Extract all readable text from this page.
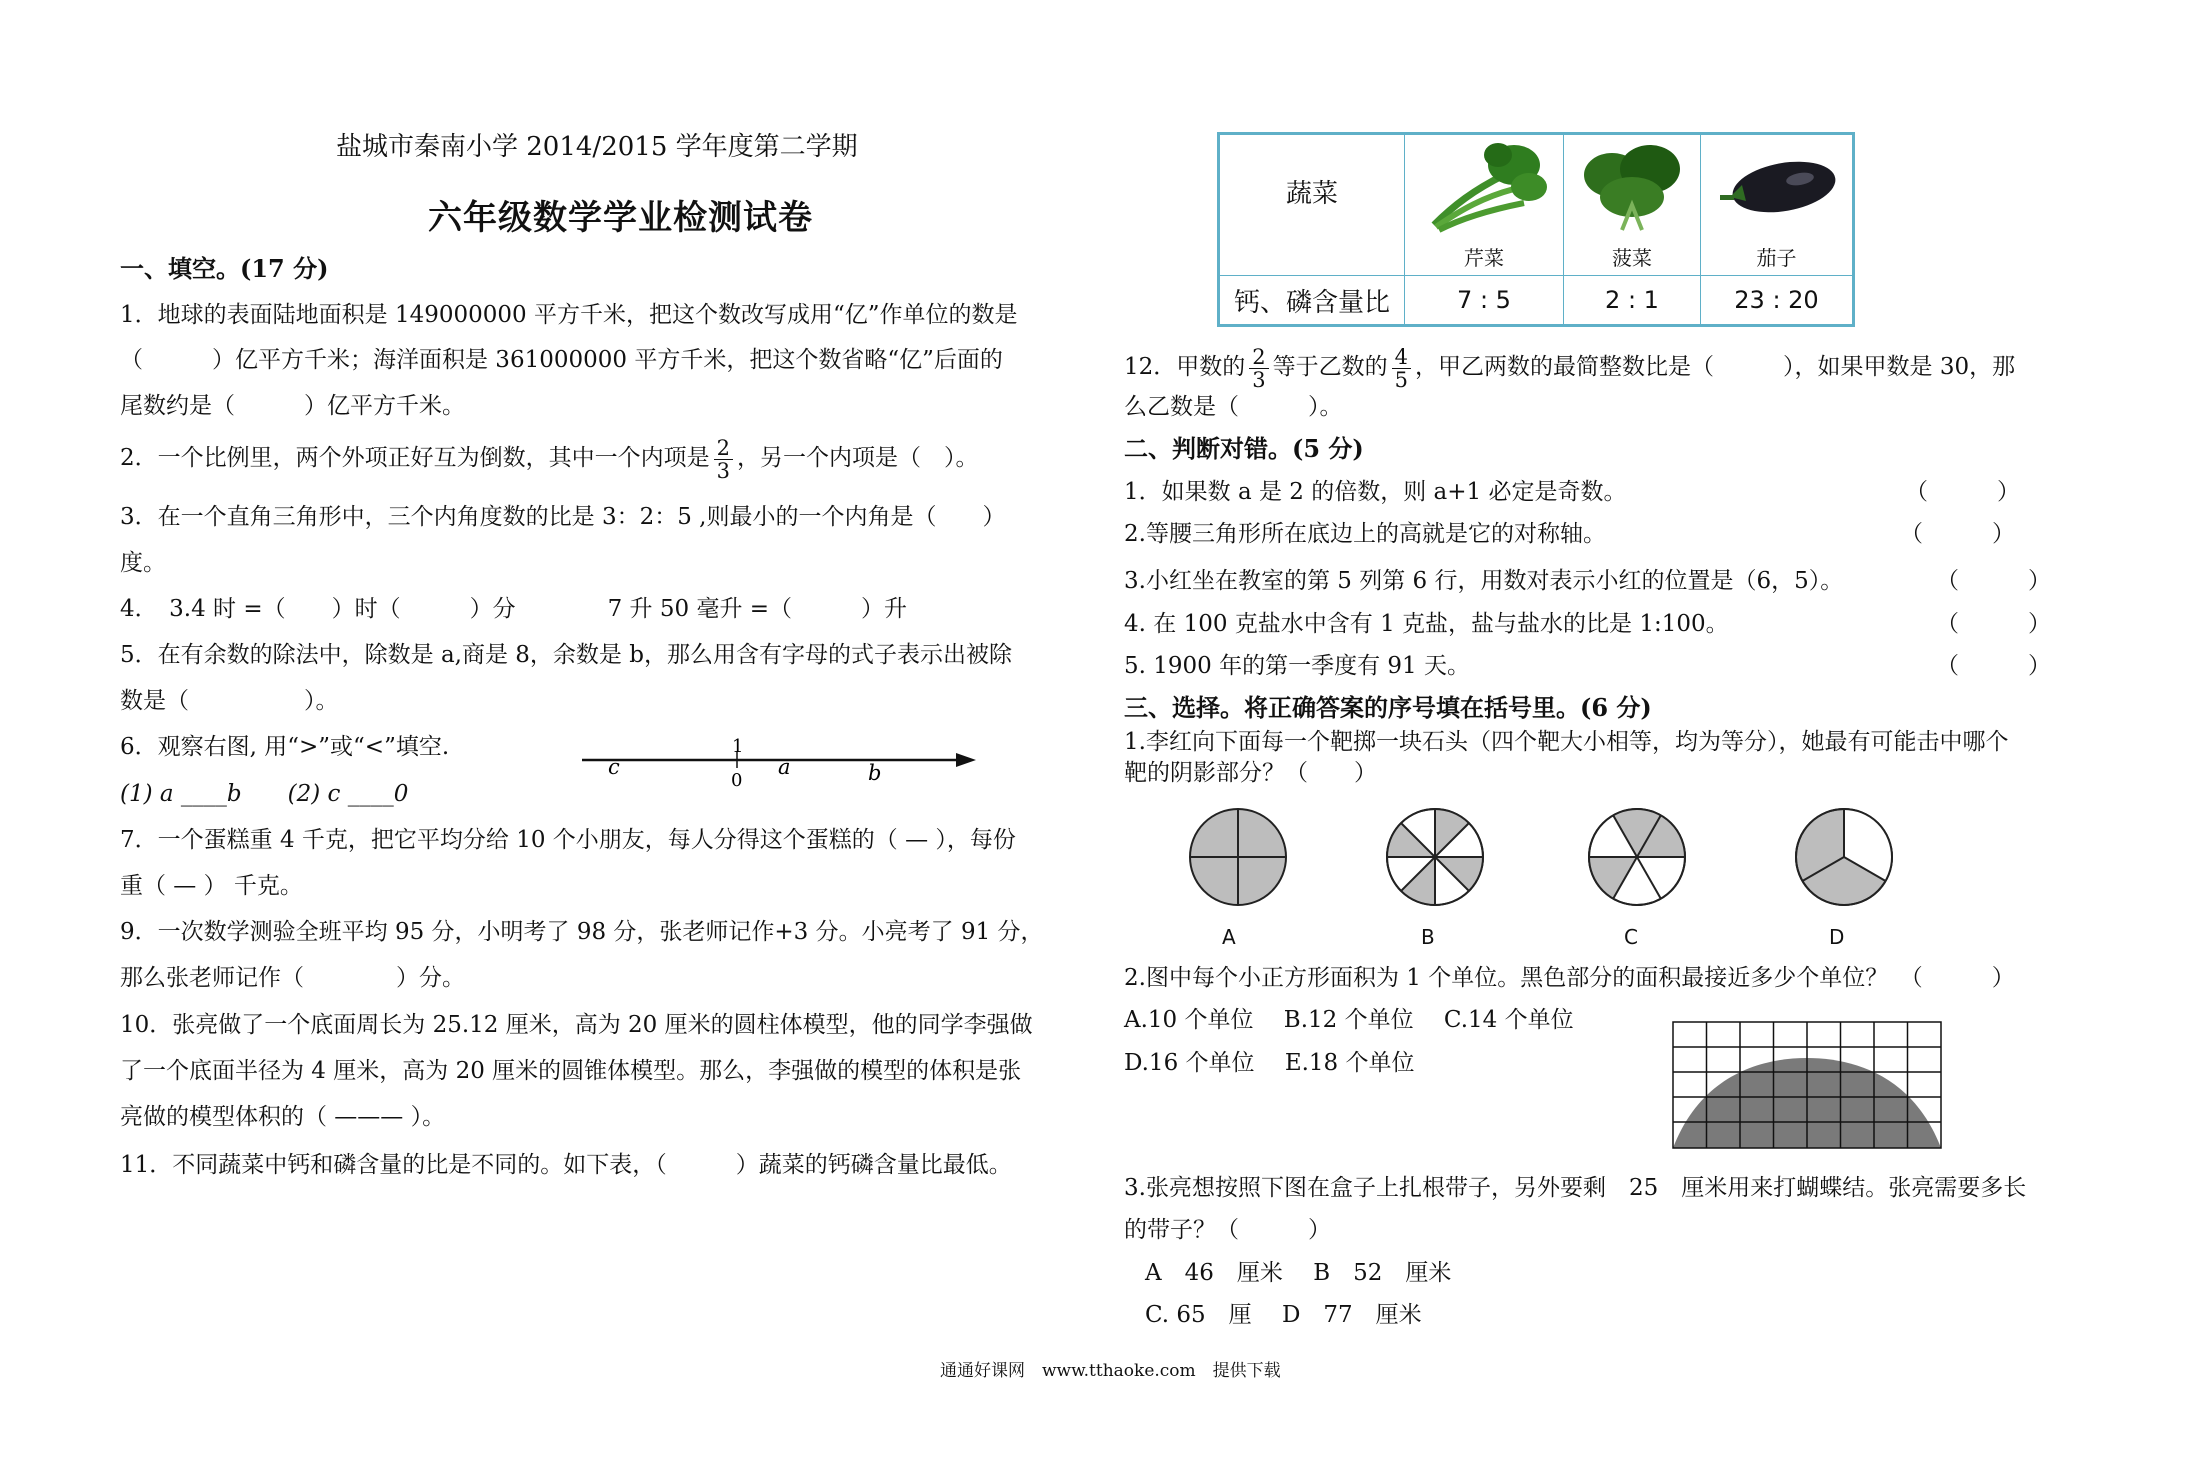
盐城市秦南小学 2014/2015 学年度第二学期
六年级数学学业检测试卷
一、填空。(17 分)
1．地球的表面陆地面积是 149000000 平方千米，把这个数改写成用“亿”作单位的数是
（　　　）亿平方千米；海洋面积是 361000000 平方千米，把这个数省略“亿”后面的
尾数约是（　　　）亿平方千米。
2．一个比例里，两个外项正好互为倒数，其中一个内项是 $\frac{2}{3}$ ，另一个内项是（　）。
3．在一个直角三角形中，三个内角度数的比是 3：2：5 ,则最小的一个内角是（　　）
度。
4．　3.4 时 =（　　）时（　　　）分　　　　7 升 50 毫升 =（　　　）升
5．在有余数的除法中，除数是 a,商是 8，余数是 b，那么用含有字母的式子表示出被除
数是（　　　　　）。
6．观察右图, 用“>”或“<”填空.
(1) a ____b　　(2) c ____0
c
1
0
a	b
7．一个蛋糕重 4 千克，把它平均分给 10 个小朋友，每人分得这个蛋糕的（ — ），每份
重（ — ） 千克。
9．一次数学测验全班平均 95 分，小明考了 98 分，张老师记作+3 分。小亮考了 91 分，
那么张老师记作（　　　　）分。
10．张亮做了一个底面周长为 25.12 厘米，高为 20 厘米的圆柱体模型，他的同学李强做
了一个底面半径为 4 厘米，高为 20 厘米的圆锥体模型。那么，李强做的模型的体积是张
亮做的模型体积的（ ——— ）。
11．不同蔬菜中钙和磷含量的比是不同的。如下表，（　　　）蔬菜的钙磷含量比最低。
蔬菜	芹菜	菠菜	茄子

钙、磷含量比	7 : 5	2 : 1	23 : 20
12．甲数的 $\frac{2}{3}$ 等于乙数的 $\frac{4}{5}$ ，甲乙两数的最简整数比是（　　　），如果甲数是 30，那
么乙数是（　　　）。
二、判断对错。(5 分)
1．如果数 a 是 2 的倍数，则 a+1 必定是奇数。	（　　　）
2.等腰三角形所在底边上的高就是它的对称轴。	（　　　）
3.小红坐在教室的第 5 列第 6 行，用数对表示小红的位置是（6，5）。	（　　　）
4. 在 100 克盐水中含有 1 克盐，盐与盐水的比是 1:100。	（　　　）
5. 1900 年的第一季度有 91 天。	（　　　）
三、选择。将正确答案的序号填在括号里。(6 分)
1.李红向下面每一个靶掷一块石头（四个靶大小相等，均为等分），她最有可能击中哪个
靶的阴影部分？（　　）
A	B	C	D
2.图中每个小正方形面积为 1 个单位。黑色部分的面积最接近多少个单位？　（　　　）
A.10 个单位　 B.12 个单位　 C.14 个单位
D.16 个单位　 E.18 个单位
3.张亮想按照下图在盒子上扎根带子，另外要剩　25　厘米用来打蝴蝶结。张亮需要多长
的带子？（　　　）
A　46　厘米　 B　52　厘米
C. 65　厘　 D　77　厘米
通通好课网　www.tthaoke.com　提供下载
